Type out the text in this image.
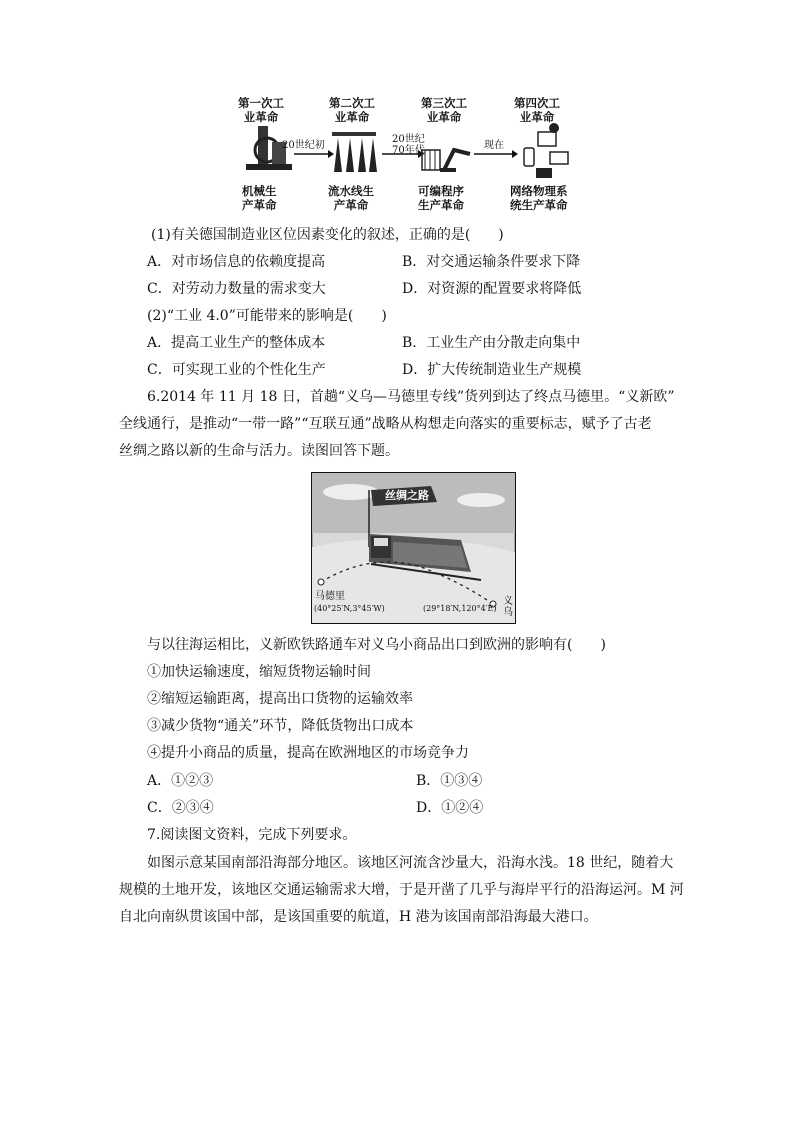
第一次工
业革命
第二次工
业革命
第三次工
业革命
第四次工
业革命
20世纪初
20世纪
70年代	现在
机械生
产革命
流水线生
产革命
可编程序
生产革命
网络物理系
统生产革命
(1)有关德国制造业区位因素变化的叙述，正确的是(　　)
A．对市场信息的依赖度提高	B．对交通运输条件要求下降
C．对劳动力数量的需求变大	D．对资源的配置要求将降低
(2)“工业 4.0”可能带来的影响是(　　)
A．提高工业生产的整体成本	B．工业生产由分散走向集中
C．可实现工业的个性化生产	D．扩大传统制造业生产规模
6.2014 年 11 月 18 日，首趟“义乌—马德里专线”货列到达了终点马德里。“义新欧”
全线通行，是推动“一带一路”“互联互通”战略从构想走向落实的重要标志，赋予了古老
丝绸之路以新的生命与活力。读图回答下题。
丝绸之路
马德里
(40°25′N,3°45′W)	(29°18′N,120°4′E)
义
乌
与以往海运相比，义新欧铁路通车对义乌小商品出口到欧洲的影响有(　　)
①加快运输速度，缩短货物运输时间
②缩短运输距离，提高出口货物的运输效率
③减少货物“通关”环节，降低货物出口成本
④提升小商品的质量，提高在欧洲地区的市场竞争力
A．①②③	B．①③④
C．②③④	D．①②④
7.阅读图文资料，完成下列要求。
如图示意某国南部沿海部分地区。该地区河流含沙量大，沿海水浅。18 世纪，随着大
规模的土地开发，该地区交通运输需求大增，于是开凿了几乎与海岸平行的沿海运河。M 河
自北向南纵贯该国中部，是该国重要的航道，H 港为该国南部沿海最大港口。
